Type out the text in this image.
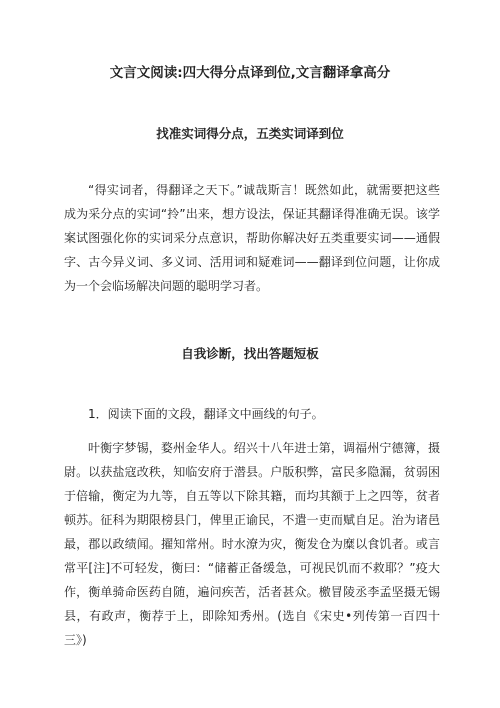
文言文阅读:四大得分点译到位,文言翻译拿高分
找准实词得分点，五类实词译到位

“得实词者，得翻译之天下。”诚哉斯言！既然如此，就需要把这些成为采分点的实词“拎”出来，想方设法，保证其翻译得准确无误。该学案试图强化你的实词采分点意识，帮助你解决好五类重要实词——通假字、古今异义词、多义词、活用词和疑难词——翻译到位问题，让你成为一个会临场解决问题的聪明学习者。

自我诊断，找出答题短板

1．阅读下面的文段，翻译文中画线的句子。

叶衡字梦锡，婺州金华人。绍兴十八年进士第，调福州宁德簿，摄尉。以获盐寇改秩，知临安府于潜县。户版积弊，富民多隐漏，贫弱困于倍输，衡定为九等，自五等以下除其籍，而均其额于上之四等，贫者顿苏。征科为期限榜县门，俾里正谕民，不遣一吏而赋自足。治为诸邑最，郡以政绩闻。擢知常州。时水潦为灾，衡发仓为糜以食饥者。或言常平[注]不可轻发，衡曰：“储蓄正备缓急，可视民饥而不救耶？”疫大作，衡单骑命医药自随，遍问疾苦，活者甚众。檄冒陵丞李孟坚摄无锡县，有政声，衡荐于上，即除知秀州。(选自《宋史•列传第一百四十三》)
